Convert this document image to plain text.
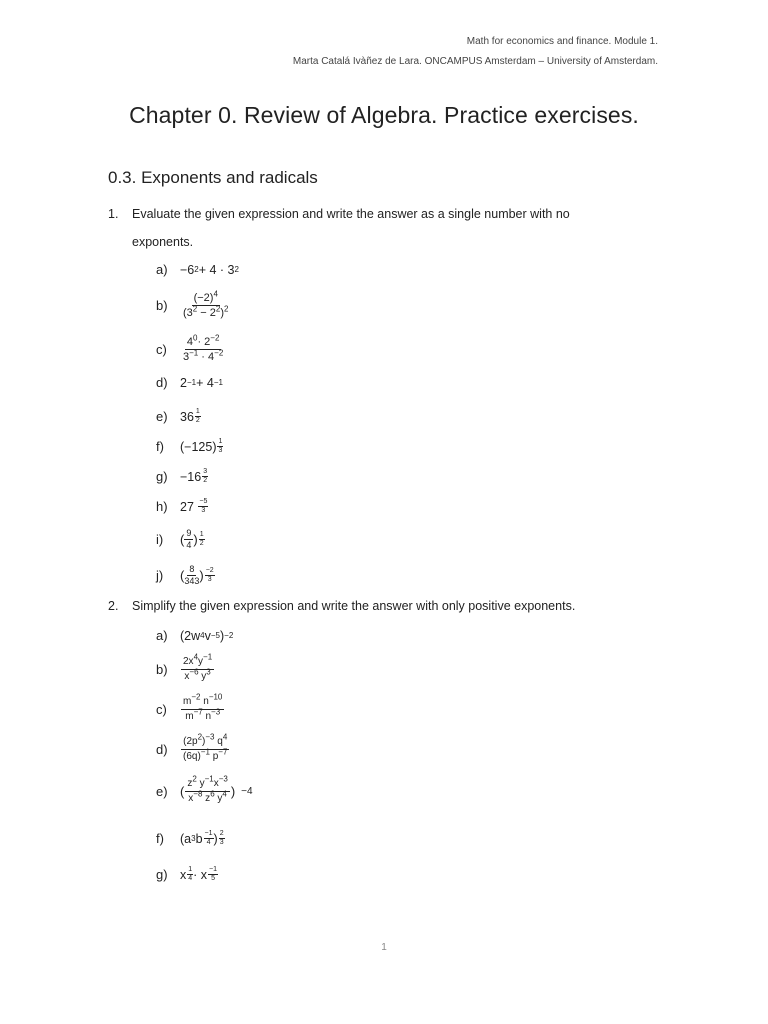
Math for economics and finance. Module 1.
Marta Catalá Ivàñez de Lara. ONCAMPUS Amsterdam – University of Amsterdam.
Chapter 0. Review of Algebra. Practice exercises.
0.3. Exponents and radicals
1. Evaluate the given expression and write the answer as a single number with no
exponents.
a) −6 2 + 4 · 3 2
b)	$\frac{(-2)^4}{(3^2 - 2^2)^2}$
c)	$\frac{4^0\cdot 2^{-2}}{3^{-1} \cdot 4^{-2}}$
d) 2 −1 + 4 −1
e) $36 \frac{1}{2}$
f)	$(-125) \frac{1}{3}$
$g) -16 \frac{3}{2}$
h) 27
$\frac{-5}{3}$
i)	( $\frac{9}{4}$ ) $\frac{1}{2}$
j)	( $\frac{8}{343}$ ) $\frac{-2}{3}$
2. Simplify the given expression and write the answer with only positive exponents.
a) (2w 4 v −5 ) −2
b)	$\frac{2x^4y^{-1}}{x^{-6} y^3}$
c)	$\frac{m^{-2} n^{-10}}{m^{-7} n^{-3}}$
d)	$\frac{(2p^2)^{-3} q^4}{(6q)^{-1} p^{-7}}$
e) ( $\frac{z^2 y^{-1}x^{-3}}{x^{-8} z^6 y^4}$ ) −4
f)	(a 3 b $\frac{-1}{4}$ ) $\frac{2}{3}$
g) x $\frac{1}{4} \cdot x \frac{-1}{5}$
1
